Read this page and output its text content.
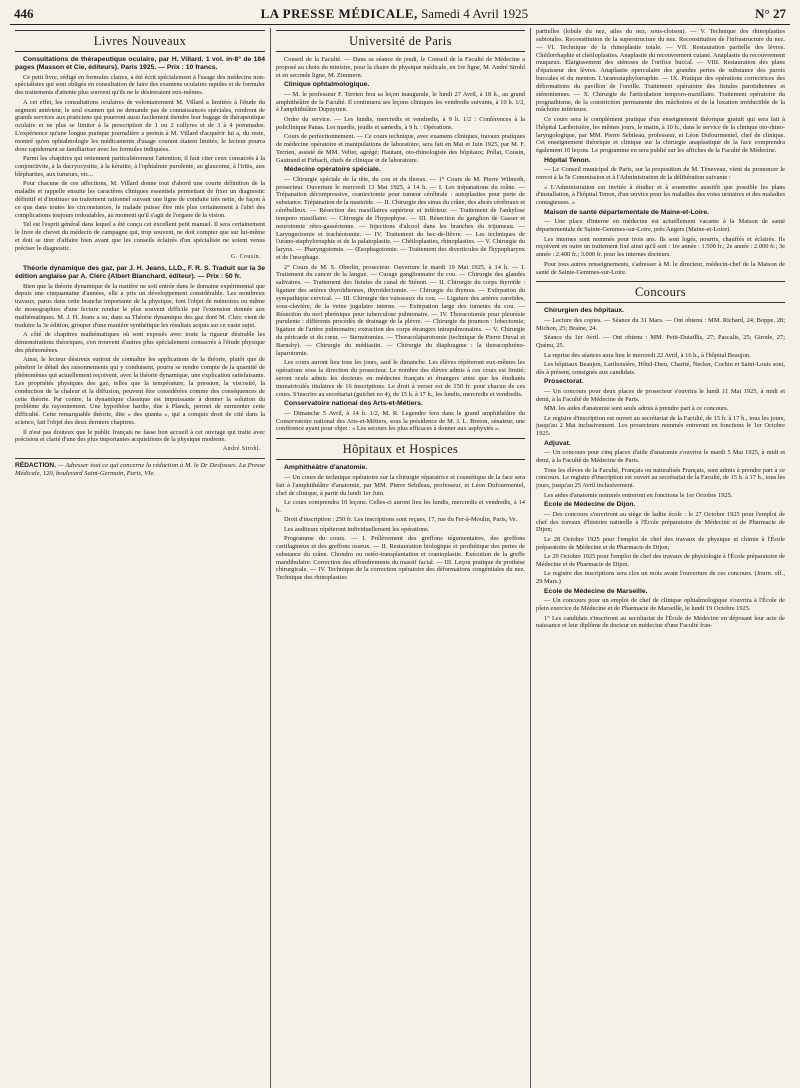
446	LA PRESSE MÉDICALE, Samedi 4 Avril 1925	N° 27
Livres Nouveaux

Consultations de thérapeutique oculaire, par H. Villard. 1 vol. in-8° de 184 pages (Masson et Cie, éditeurs). Paris 1925. — Prix : 10 francs.

Ce petit livre, rédigé en formules claires, a été écrit spécialement à l'usage des médecins non-spécialistes qui sont obligés en consultation de faire des examens oculaires rapides et de formuler des traitements d'attente plus souvent qu'ils ne le désireraient eux-mêmes.

A cet effet, les consultations oculaires de volontairement M. Villard a limitées à l'étude du segment antérieur, le seul examen qui ne demande pas de connaissances spéciales, rendront de grands services aux praticiens qui pourront aussi facilement étendre leur bagage de thérapeutique oculaire et ne plus se limiter à la prescription de 1 ou 2 collyres et de 3 à 4 pommades. L'expérience qu'une longue pratique journalière a permis à M. Villard d'acquérir lui a, du reste, montré qu'en ophtalmologie les médicaments d'usage courant étaient limités; le lecteur pourra donc rapidement se familiariser avec les formules indiquées.

Parmi les chapitres qui retiennent particulièrement l'attention, il faut citer ceux consacrés à la conjonctivite, à la dacryocystite, à la kératite, à l'ophtalmie purulente, au glaucome, à l'iritis, aux blépharites, aux tumeurs, etc...

Pour chacune de ces affections, M. Villard donne tout d'abord une courte définition de la maladie et rappelle ensuite les caractères cliniques essentiels permettant de fixer un diagnostic définitif et d'instituer un traitement rationnel suivant une ligne de conduite très nette, de façon à ce que dans toutes les circonstances, le malade puisse être mis plus certainement à l'abri des complications toujours redoutables, au moment qu'il s'agit de l'organe de la vision.

Tel est l'esprit général dans lequel a été conçu cet excellent petit manuel. Il sera certainement le livre de chevet du médecin de campagne qui, trop souvent, ne doit compter que sur lui-même et doit se tirer d'affaire bien avant que les conseils éclairés d'un spécialiste ne soient venus préciser le diagnostic.

G. Cousin.

Théorie dynamique des gaz, par J. H. Jeans, LLD., F. R. S. Traduit sur la 3e édition anglaise par A. Clerc (Albert Blanchard, éditeur). — Prix : 50 fr.

Bien que la théorie dynamique de la matière ne soit entrée dans le domaine expérimental que depuis une cinquantaine d'années, elle a pris un développement considérable. Les nombreux travaux, parus dans cette branche importante de la physique, font l'objet de mémoires ou même de monographies d'une lecture rendue le plus souvent difficile par l'extension donnée aux mathématiques. M. J. H. Jeans a su, dans sa Théorie dynamique des gaz dont M. Clerc vient de traduire la 3e édition, grouper d'une manière synthétique les résultats acquis sur ce vaste sujet.

A côté de chapitres mathématiques où sont exposés avec toute la rigueur désirable les démonstrations théoriques, s'en trouvent d'autres plus spécialement consacrés à l'étude physique des phénomènes.

Ainsi, le lecteur désireux surtout de connaître les applications de la théorie, plutôt que de pénétrer le détail des raisonnements qui y conduisent, pourra se rendre compte de la quantité de phénomènes qui actuellement reçoivent, avec la théorie dynamique, une explication satisfaisante. Les propriétés physiques des gaz, telles que la température, la pression, la viscosité, la conduction de la chaleur et la diffusion, peuvent être considérées comme des conséquences de cette théorie. Par contre, la dynamique classique est impuissante à donner la solution du problème du rayonnement. Une hypothèse hardie, due à Planck, permet de surmonter cette difficulté. Cette remarquable théorie, dite « des quanta », qui a conquis droit de cité dans la science, fait l'objet des deux derniers chapitres.

Il n'est pas douteux que le public français ne fasse bon accueil à cet ouvrage qui traite avec précision et clarté d'une des plus importantes acquisitions de la physique moderne.

André Strohl.
RÉDACTION. — Adresser tout ce qui concerne la rédaction à M. le Dr Desfosses. La Presse Médicale, 120, boulevard Saint-Germain, Paris, VIe.
Université de Paris

Conseil de la Faculté. — Dans sa séance de jeudi, le Conseil de la Faculté de Médecine a proposé au choix du ministre, pour la chaire de physique médicale, en 1re ligne, M. André Strohl et en seconde ligne, M. Zimmern.

Clinique ophtalmologique.

— M. le professeur F. Terrien fera sa leçon inaugurale, le lundi 27 Avril, à 18 h., au grand amphithéâtre de la Faculté. Il continuera ses leçons cliniques les vendredis suivants, à 10 h. 1/2, à l'amphithéâtre Dupuytren.

Ordre du service. — Les lundis, mercredis et vendredis, à 9 h. 1/2 : Conférences à la policlinique Panas. Les mardis, jeudis et samedis, à 9 h. : Opérations.

Cours de perfectionnement. — Ce cours technique, avec examens cliniques, travaux pratiques de médecine opératoire et manipulations de laboratoire, sera fait en Mai et Juin 1925, par M. F. Terrien, assisté de MM. Velter, agrégé; Hautant, oto-rhinologiste des hôpitaux; Prélat, Cousin, Gautrand et Firbach, chefs de clinique et de laboratoire.

Médecine opératoire spéciale.

— Chirurgie spéciale de la tête, du cou et du thorax. — 1° Cours de M. Pierre Wilmoth, prosecteur. Ouverture le mercredi 13 Mai 1925, à 14 h. — I. Les trépanations du crâne. — Trépanation décompressive, craniectomie pour tumeur cérébrale : autoplasties pour perte de substance. Trépanation de la mastoïde. — II. Chirurgie des sinus du crâne, des abcès cérébraux et cérébelleux. — Résection des maxillaires supérieur et inférieur. — Traitement de l'ankylose temporo maxillaire. — Chirurgie de l'hypophyse. — III. Résection du ganglion de Gasser et neurotomie rétro-gassérienne. — Injections d'alcool dans les branches du trijumeau. — Laryngectomie et trachéotomie. — IV. Traitement du bec-de-lièvre. — Les techniques de l'urano-staphylorraphie et de la palatoplastie. — Chéiloplasties, rhinoplasties. — V. Chirurgie du larynx. — Pharyngotomie. — Œsophagotomie. — Traitement des diverticules de l'hypopharynx et de l'œsophage.

2° Cours de M. S. Oberlin, prosecteur. Ouverture le mardi 19 Mai 1925, à 14 h. — I. Traitement du cancer de la langue. — Curage ganglionnaire du cou. — Chirurgie des glandes salivaires. — Traitement des fistules du canal de Sténon. — II. Chirurgie du corps thyroïde : ligature des artères thyroïdiennes, thyroïdectomie. — Chirurgie du thymus. — Extirpation du sympathique cervical. — III. Chirurgie des vaisseaux du cou. — Ligature des artères carotides, sous-clavière, de la veine jugulaire interne. — Extirpation large des tumeurs du cou. — Résection du nerf phrénique pour tuberculose pulmonaire. — IV. Thoracotomie pour pleurésie purulente : différents procédés de drainage de la plèvre. — Chirurgie du poumon : lobectomie; ligature de l'artère pulmonaire; extraction des corps étrangers intrapulmonaires. — V. Chirurgie du péricarde et du cœur. — Sternotomies. — Thoracolaparotomie (technique de Pierre Duval et Barnsby). — Chirurgie du médiastin. — Chirurgie du diaphragme : la thoracophréno-laparotomie.

Les cours auront lieu tous les jours, sauf le dimanche. Les élèves répéteront eux-mêmes les opérations sous la direction du prosecteur. Le nombre des élèves admis à ces cours est limité; seront seuls admis les docteurs en médecine français et étrangers ainsi que les étudiants immatriculés titulaires de 16 inscriptions. Le droit à verser est de 150 fr. pour chacun de ces cours. S'inscrire au secrétariat (guichet no 4), de 15 h. à 17 h., les lundis, mercredis et vendredis.

Conservatoire national des Arts-et-Métiers.

— Dimanche 5 Avril, à 14 h. 1/2, M. R. Legendre fera dans le grand amphithéâtre du Conservatoire national des Arts-et-Métiers, sous la présidence de M. J. L. Breton, sénateur, une conférence ayant pour objet : « Les secours les plus efficaces à donner aux asphyxiés ».

Hôpitaux et Hospices

Amphithéâtre d'anatomie.

— Un cours de technique opératoire sur la chirurgie réparatrice et cosmétique de la face sera fait à l'amphithéâtre d'anatomie, par MM. Pierre Sebileau, professeur, et Léon Dufourmentel, chef de clinique, à partir du lundi 1er Juin.

Le cours comprendra 10 leçons. Celles-ci auront lieu les lundis, mercredis et vendredis, à 14 h.

Droit d'inscription : 250 fr. Les inscriptions sont reçues, 17, rue du Fer-à-Moulin, Paris, Ve.

Les auditeurs répéteront individuellement les opérations.

Programme du cours. — I. Prélèvement des greffons tégumentaires, des greffons cartilagineux et des greffons osseux. — II. Restauration biologique et prothétique des pertes de substance du crâne. Chondro ou ostéo-transplantation et cranioplastie. Exécution de la greffe mandibulaire. Correction des effondrements du massif facial. — III. Leçon pratique de prothèse chirurgicale. — IV. Technique de la correction opératoire des déformations congénitales du nez. Technique des rhinoplasties

partielles (lobule du nez, ailes du nez, sous-cloison). — V. Technique des rhinoplasties subtotales. Reconstitution de la superstructure du nez. Reconstitution de l'infrastructure du nez. — VI. Technique de la rhinoplastie totale. — VII. Restauration partielle des lèvres. Chéilorrhaphie et chéiloplasties. Anaplastie du recouvrement cutané. Anaplastie du recouvrement muqueux. Elargissement des sténoses de l'orifice buccal. — VIII. Restauration des plans d'épaisseur des lèvres. Anaplastie operculaire des grandes pertes de substance des parois buccales et du menton. L'uranostaphylorraphie. — IX. Pratique des opérations correctrices des déformations du pavillon de l'oreille. Traitement opératoire des fistules parotidiennes et sténoniennes. — X. Chirurgie de l'articulation temporo-maxillaire. Traitement opératoire du prognathisme, de la constriction permanente des mâchoires et de la luxation irréductible de la mâchoire inférieure.

Ce cours sera le complément pratique d'un enseignement théorique gratuit qui sera fait à l'hôpital Lariboisière, les mêmes jours, le matin, à 10 h., dans le service de la clinique oto-rhino-laryngologique, par MM. Pierre Sebileau, professeur, et Léon Dufourmentel, chef de clinique. Cet enseignement théorique et clinique sur la chirurgie anaplastique de la face comprendra également 10 leçons. Le programme en sera publié sur les affiches de la Faculté de Médecine.

Hôpital Tenon.

— Le Conseil municipal de Paris, sur la proposition de M. Téneveau, vient de prononcer le renvoi à la 5e Commission et à l'Administration de la délibération suivante :

« L'Administration est invitée à étudier et à soumettre aussitôt que possible les plans d'installation, à l'hôpital Tenon, d'un service pour les maladies des voies urinaires et des maladies contagieuses. »

Maison de santé départementale de Maine-et-Loire.

— Une place d'interne en médecine est actuellement vacante à la Maison de santé départementale de Sainte-Gemmes-sur-Loire, près Angers (Maine-et-Loire).

Les internes sont nommés pour trois ans. Ils sont logés, nourris, chauffés et éclairés. Ils reçoivent en outre un traitement fixé ainsi qu'il suit : 1re année : 1.500 fr.; 2e année : 2.000 fr.; 3e année : 2.400 fr.; 3.000 fr. pour les internes docteurs.

Pour tous autres renseignements, s'adresser à M. le directeur, médecin-chef de la Maison de santé de Sainte-Gemmes-sur-Loire.

Concours

Chirurgien des hôpitaux.

— Lecture des copies. — Séance du 31 Mars. — Ont obtenu : MM. Richard, 24; Boppe, 28; Michon, 25; Braine, 24.

Séance du 1er Avril. — Ont obtenu : MM. Petit-Dutaillis, 27; Pascalis, 25; Girode, 27; Quénu, 25.

La reprise des séances aura lieu le mercredi 22 Avril, à 16 h., à l'hôpital Beaujon.

Les hôpitaux Beaujon, Lariboisière, Hôtel-Dieu, Charité, Necker, Cochin et Saint-Louis sont, dès à présent, consignés aux candidats.

Prosectorat.

— Un concours pour deux places de prosecteur s'ouvrira le lundi 11 Mai 1925, à midi et demi, à la Faculté de Médecine de Paris.

MM. les aides d'anatomie sont seuls admis à prendre part à ce concours.

Le registre d'inscription est ouvert au secrétariat de la Faculté, de 15 h. à 17 h., tous les jours, jusqu'au 2 Mai inclusivement. Les prosecteurs nommés entreront en fonctions le 1er Octobre 1925.

Adjuvat.

— Un concours pour cinq places d'aide d'anatomie s'ouvrira le mardi 5 Mai 1925, à midi et demi, à la Faculté de Médecine de Paris.

Tous les élèves de la Faculté, Français ou naturalisés Français, sont admis à prendre part à ce concours. Le registre d'inscription est ouvert au secrétariat de la Faculté, de 15 h. à 17 h., tous les jours, jusqu'au 25 Avril inclusivement.

Les aides d'anatomie nommés entreront en fonctions le 1er Octobre 1925.

Ecole de Médecine de Dijon.

— Des concours s'ouvriront au siège de ladite école : le 27 Octobre 1925 pour l'emploi de chef des travaux d'histoire naturelle à l'École préparatoire de Médecine et de Pharmacie de Dijon;

Le 28 Octobre 1925 pour l'emploi de chef des travaux de physique et chimie à l'École préparatoire de Médecine et de Pharmacie de Dijon;

Le 29 Octobre 1925 pour l'emploi de chef des travaux de physiologie à l'École préparatoire de Médecine et de Pharmacie de Dijon.

Le registre des inscriptions sera clos un mois avant l'ouverture de ces concours. (Journ. off., 29 Mars.)

Ecole de Médecine de Marseille.

— Un concours pour un emploi de chef de clinique ophtalmologique s'ouvrira à l'École de plein exercice de Médecine et de Pharmacie de Marseille, le lundi 19 Octobre 1925.

1° Les candidats s'inscriront au secrétariat de l'École de Médecine en déposant leur acte de naissance et leur diplôme de docteur en médecine d'une Faculté fran-
